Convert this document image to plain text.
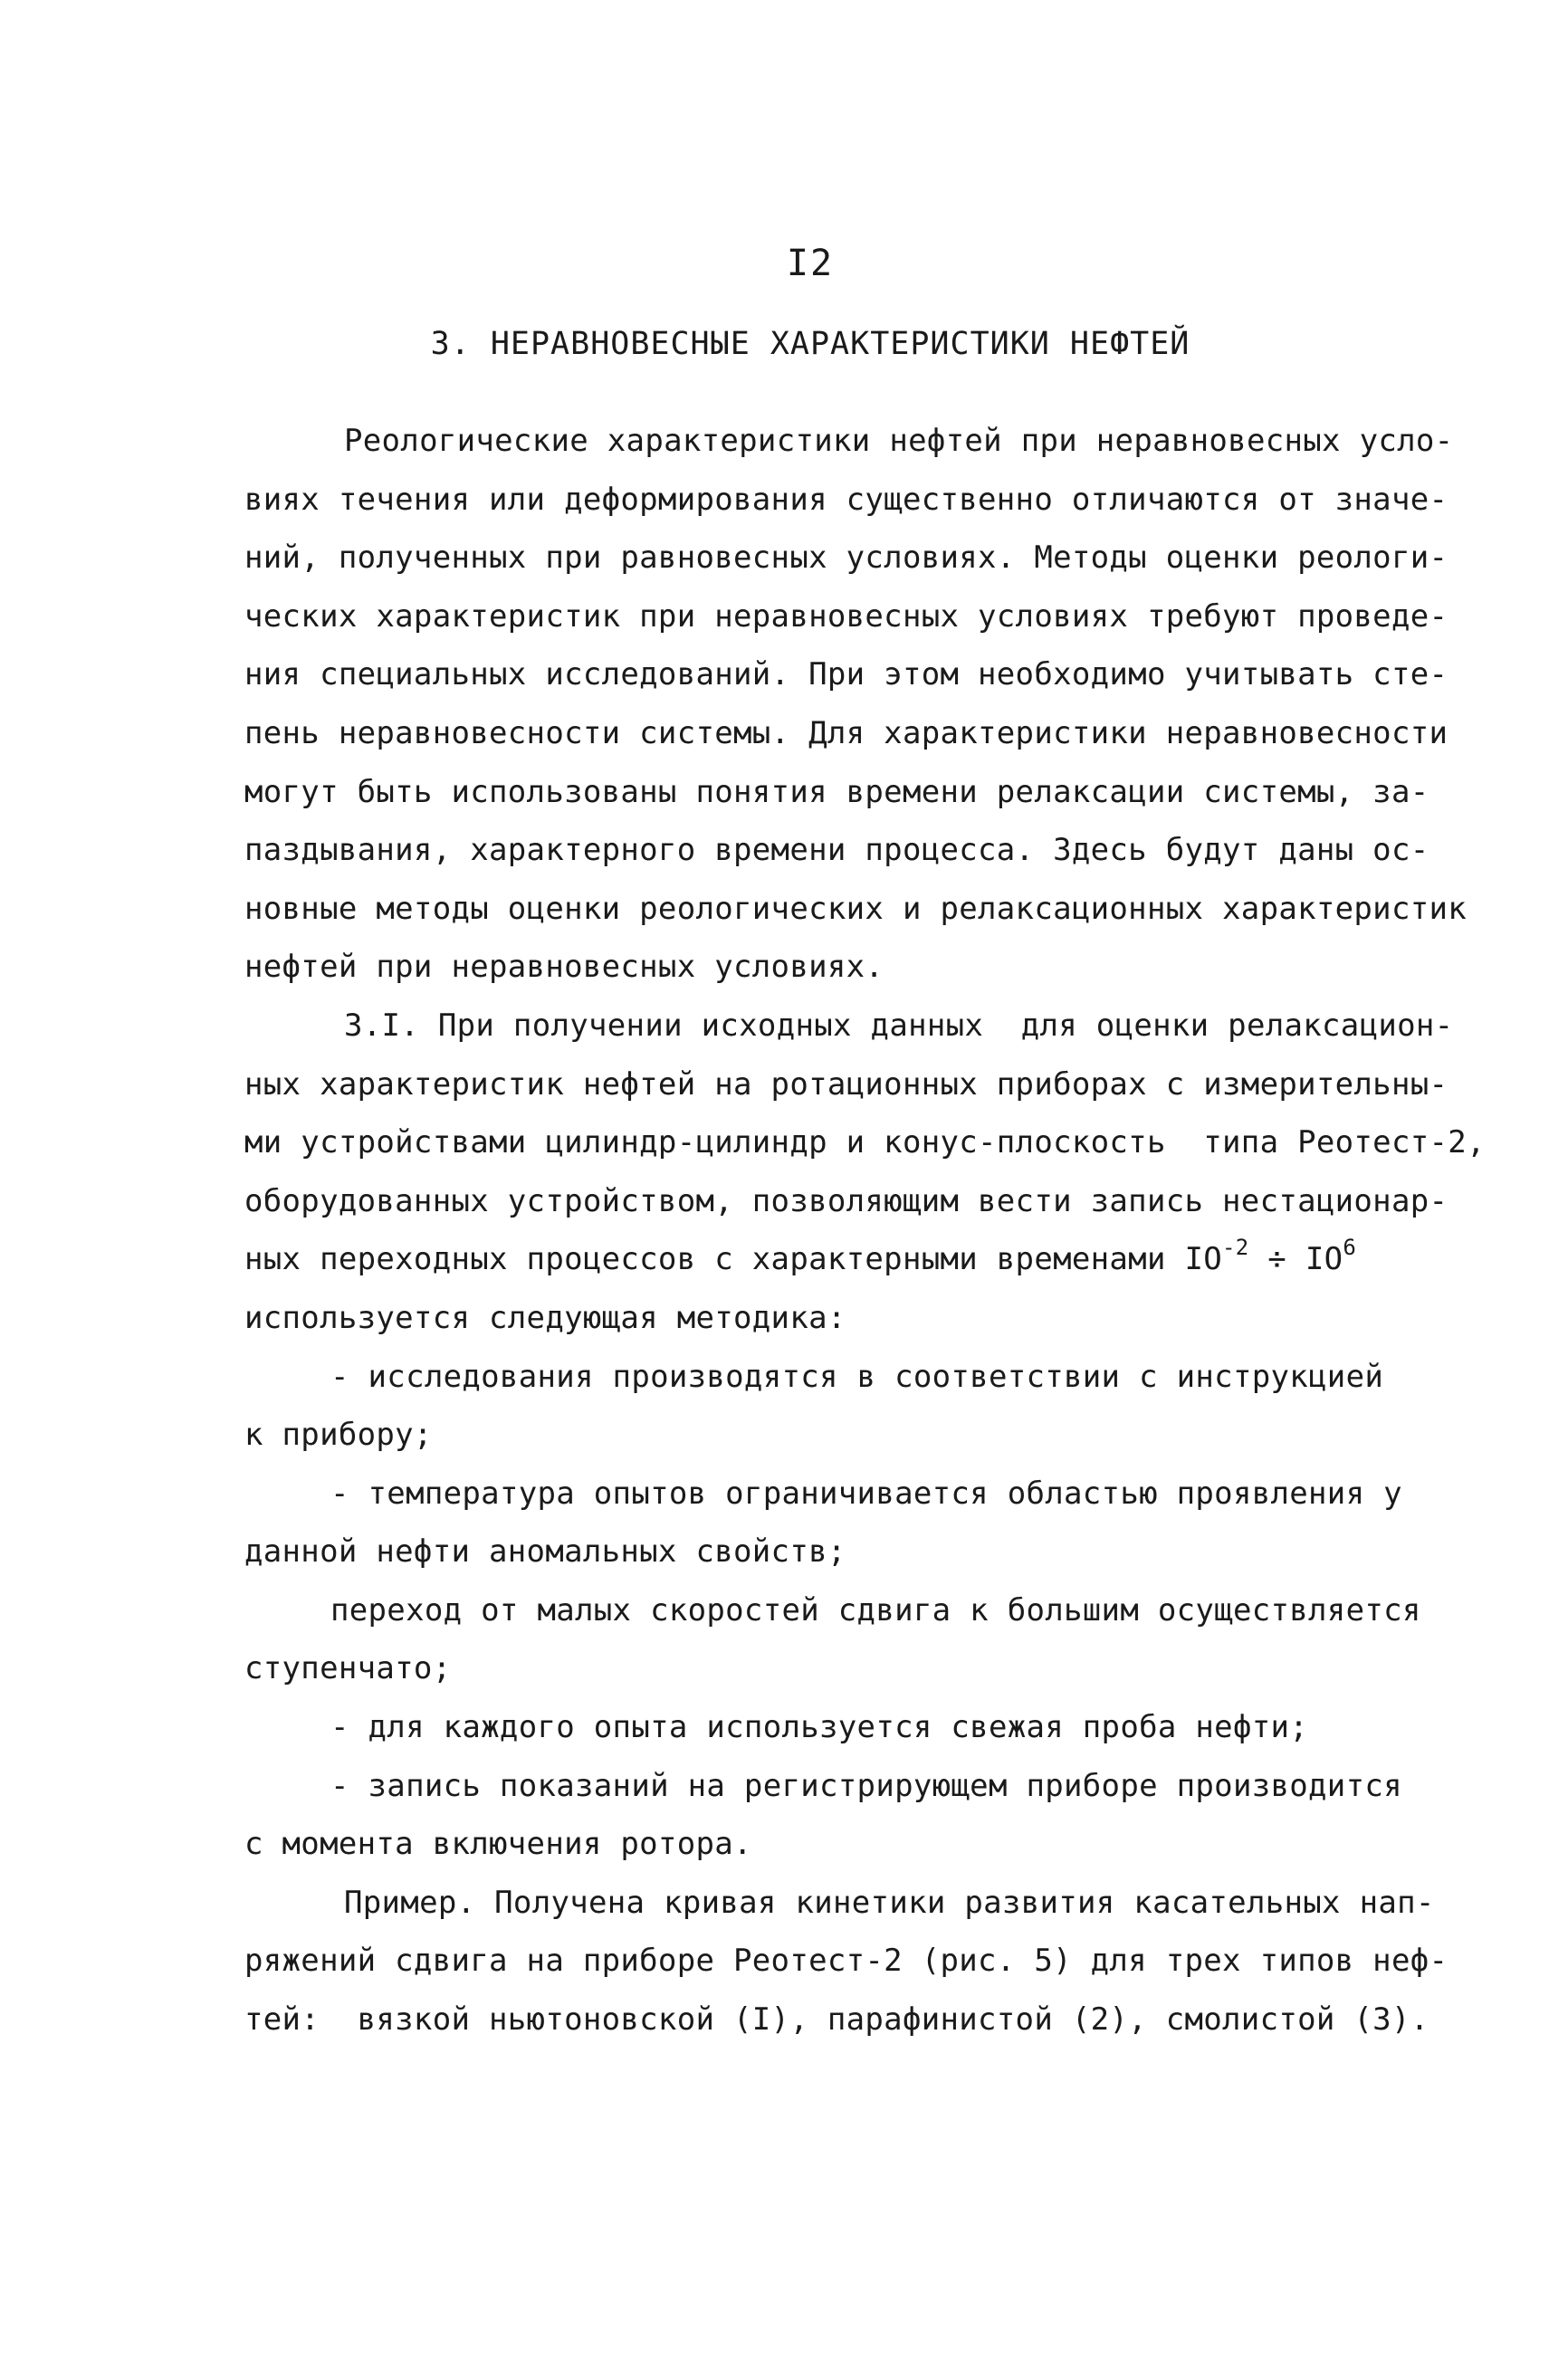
I2
3. НЕРАВНОВЕСНЫЕ ХАРАКТЕРИСТИКИ НЕФТЕЙ
Реологические характеристики нефтей при неравновесных усло-
виях течения или деформирования существенно отличаются от значе-
ний, полученных при равновесных условиях. Методы оценки реологи-
ческих характеристик при неравновесных условиях требуют проведе-
ния специальных исследований. При этом необходимо учитывать сте-
пень неравновесности системы. Для характеристики неравновесности
могут быть использованы понятия времени релаксации системы, за-
паздывания, характерного времени процесса. Здесь будут даны ос-
новные методы оценки реологических и релаксационных характеристик
нефтей при неравновесных условиях.
3.I. При получении исходных данных  для оценки релаксацион-
ных характеристик нефтей на ротационных приборах с измерительны-
ми устройствами цилиндр-цилиндр и конус-плоскость  типа Реотест-2,
оборудованных устройством, позволяющим вести запись нестационар-
ных переходных процессов с характерными временами $IO^{-2} \div IO^6$
используется следующая методика:
- исследования производятся в соответствии с инструкцией
к прибору;
- температура опытов ограничивается областью проявления у
данной нефти аномальных свойств;
переход от малых скоростей сдвига к большим осуществляется
ступенчато;
- для каждого опыта используется свежая проба нефти;
- запись показаний на регистрирующем приборе производится
с момента включения ротора.
Пример. Получена кривая кинетики развития касательных нап-
ряжений сдвига на приборе Реотест-2 (рис. 5) для трех типов неф-
тей:  вязкой ньютоновской (I), парафинистой (2), смолистой (3).
